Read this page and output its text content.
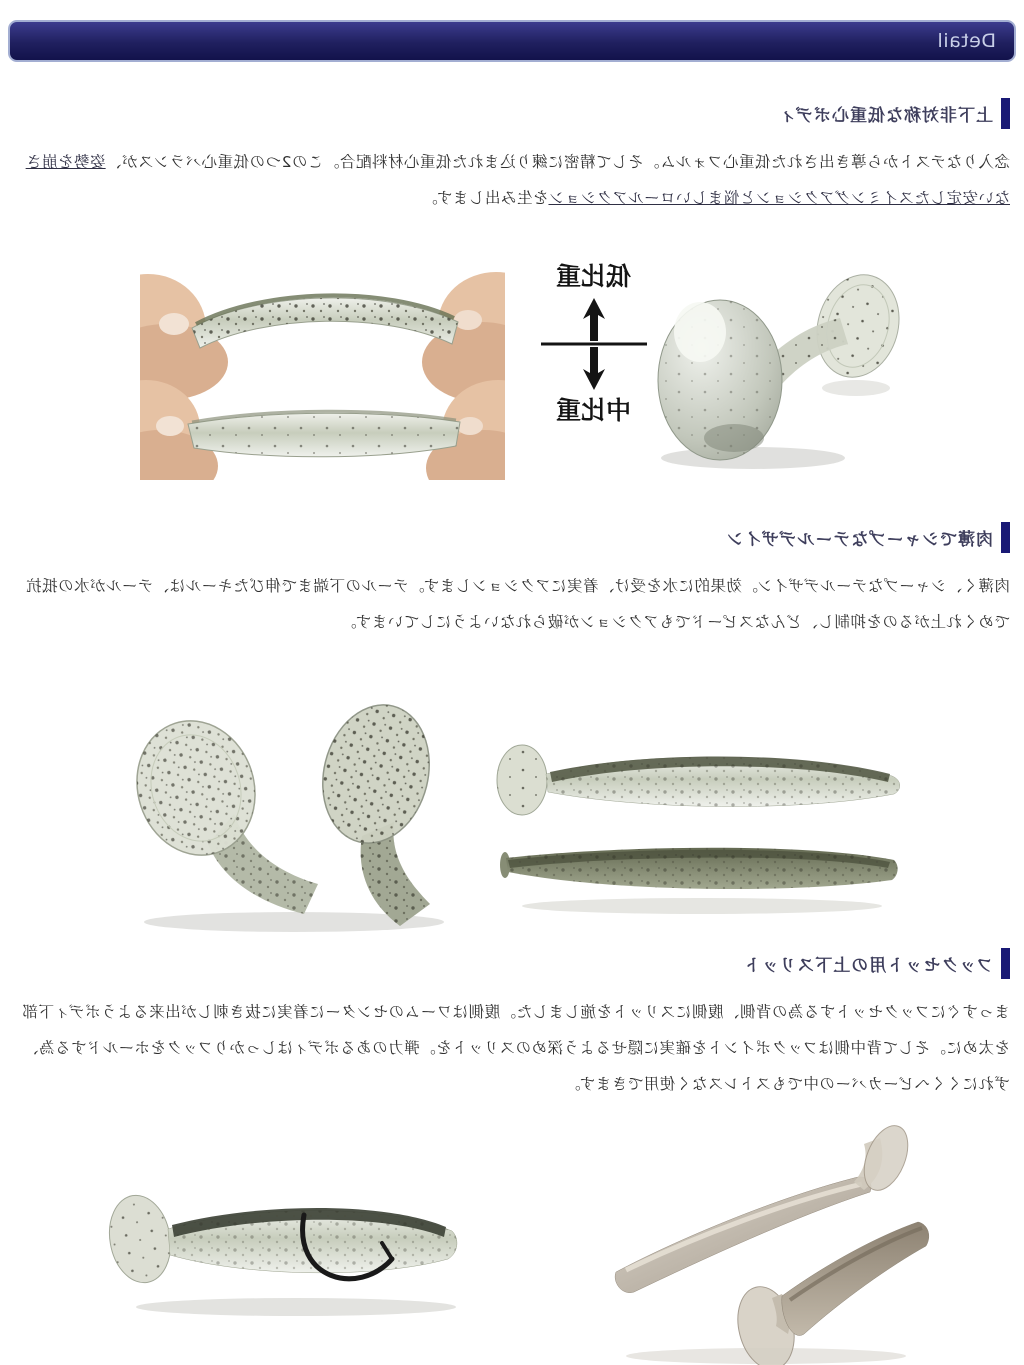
Detail
上下非対称な低重心ボディ

念入りなテストから導き出された低重心フォルム。そして精密に練り込まれた低重心材料配合。この2つの低重心バランスが、姿勢を崩さない安定したスイミングアクションと悩ましいロールアクションを生み出します。

低比重
中比重
肉薄でシャープなテールデザイン

肉薄く、シャープなテールデザイン。効果的に水を受け、着実にアクションします。テールの下端まで伸びたキールは、テールが水の抵抗でめくれ上がるのを抑制し、どんなスピードでもアクションが破られないようにしています。

フックセット用の上下スリット

まっすぐにフックセットする為の背側、腹側にスリットを施しました。腹側はワームのセンターに着実に抜き刺しが出来るようボディ下部を太めに。そして背中側はフックポイントを確実に隠せるよう深めのスリットを。弾力のあるボディはしっかりフックをホールドする為、ずれにくくヘビーカバーの中でもストレスなく使用できます。
